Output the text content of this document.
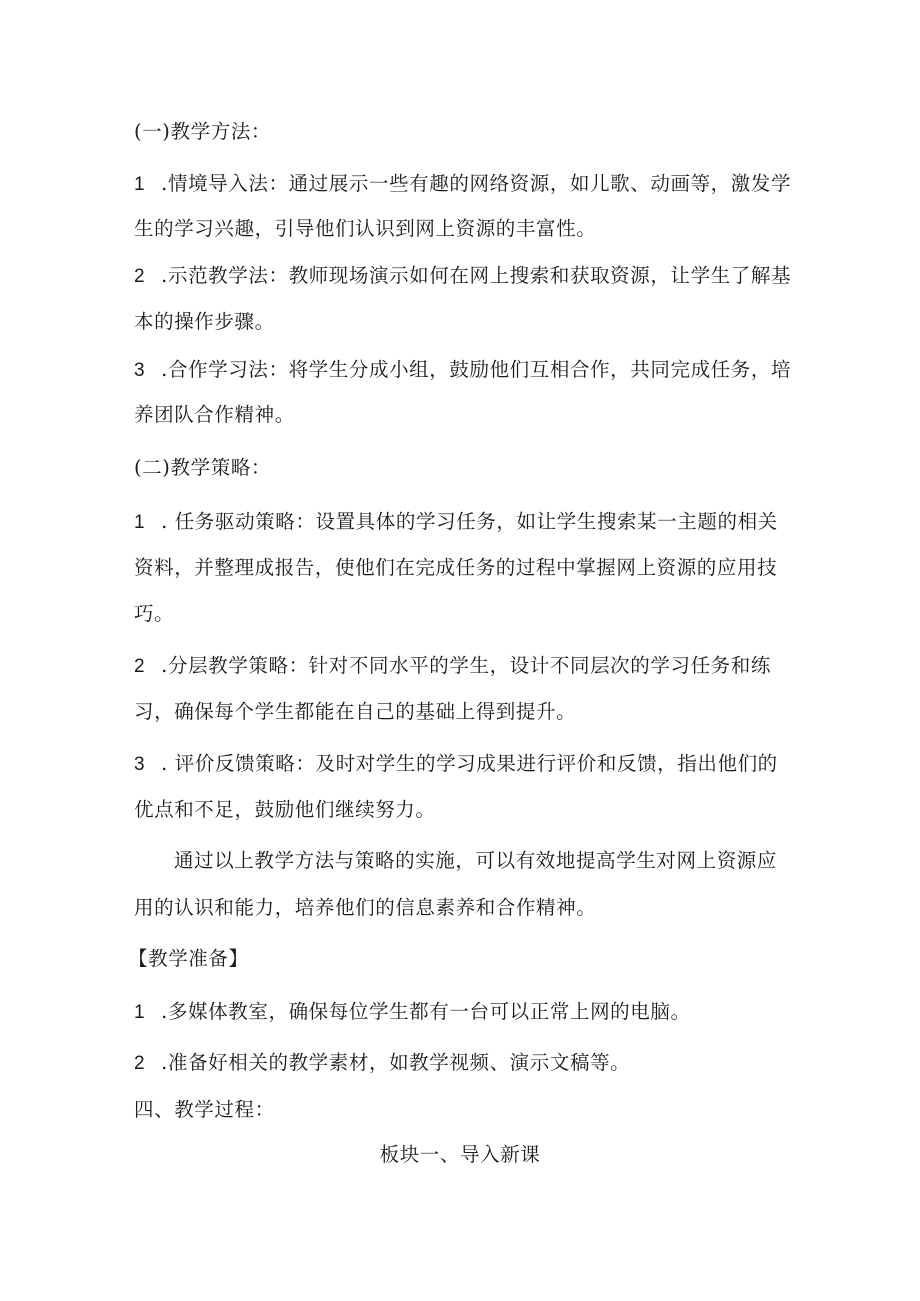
(一)教学方法：
1 .情境导入法：通过展示一些有趣的网络资源，如儿歌、动画等，激发学
生的学习兴趣，引导他们认识到网上资源的丰富性。
2 .示范教学法：教师现场演示如何在网上搜索和获取资源，让学生了解基
本的操作步骤。
3 .合作学习法：将学生分成小组，鼓励他们互相合作，共同完成任务，培
养团队合作精神。
(二)教学策略：
1 . 任务驱动策略：设置具体的学习任务，如让学生搜索某一主题的相关
资料，并整理成报告，使他们在完成任务的过程中掌握网上资源的应用技
巧。
2 .分层教学策略：针对不同水平的学生，设计不同层次的学习任务和练
习，确保每个学生都能在自己的基础上得到提升。
3 . 评价反馈策略：及时对学生的学习成果进行评价和反馈，指出他们的
优点和不足，鼓励他们继续努力。
通过以上教学方法与策略的实施，可以有效地提高学生对网上资源应
用的认识和能力，培养他们的信息素养和合作精神。
【教学准备】
1 .多媒体教室，确保每位学生都有一台可以正常上网的电脑。
2 .准备好相关的教学素材，如教学视频、演示文稿等。
四、教学过程：
板块一、导入新课
